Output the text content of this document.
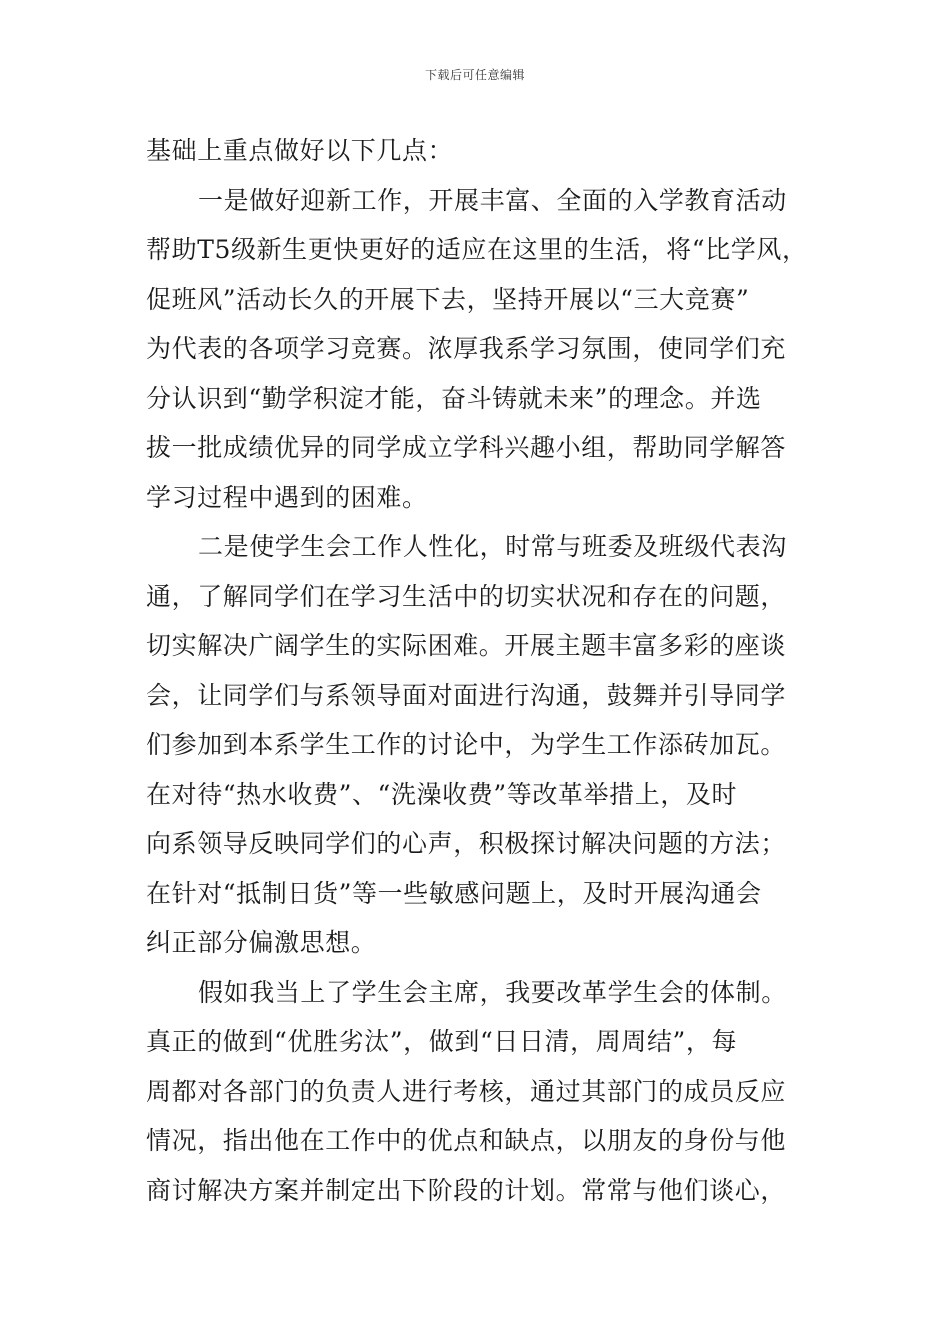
下载后可任意编辑
基础上重点做好以下几点：
一是做好迎新工作，开展丰富、全面的入学教育活动
帮助T5级新生更快更好的适应在这里的生活，将“比学风，
促班风”活动长久的开展下去，坚持开展以“三大竞赛”
为代表的各项学习竞赛。浓厚我系学习氛围，使同学们充
分认识到“勤学积淀才能，奋斗铸就未来”的理念。并选
拔一批成绩优异的同学成立学科兴趣小组，帮助同学解答
学习过程中遇到的困难。
二是使学生会工作人性化，时常与班委及班级代表沟
通，了解同学们在学习生活中的切实状况和存在的问题，
切实解决广阔学生的实际困难。开展主题丰富多彩的座谈
会，让同学们与系领导面对面进行沟通，鼓舞并引导同学
们参加到本系学生工作的讨论中，为学生工作添砖加瓦。
在对待“热水收费”、“洗澡收费”等改革举措上，及时
向系领导反映同学们的心声，积极探讨解决问题的方法；
在针对“抵制日货”等一些敏感问题上，及时开展沟通会
纠正部分偏激思想。
假如我当上了学生会主席，我要改革学生会的体制。
真正的做到“优胜劣汰”，做到“日日清，周周结”，每
周都对各部门的负责人进行考核，通过其部门的成员反应
情况，指出他在工作中的优点和缺点，以朋友的身份与他
商讨解决方案并制定出下阶段的计划。常常与他们谈心，
